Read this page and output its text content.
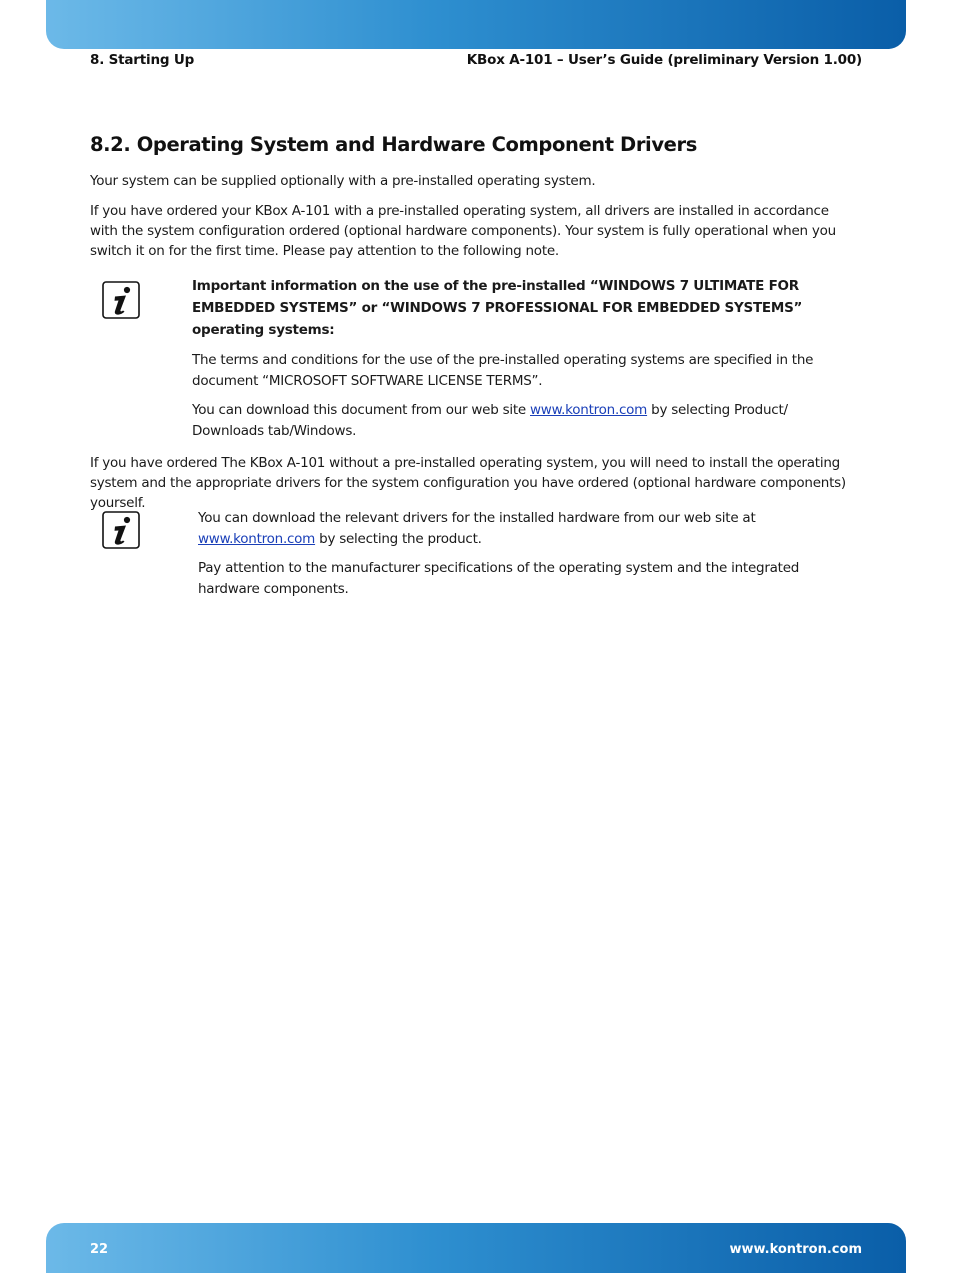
8. Starting Up	KBox A-101 – User’s Guide (preliminary Version 1.00)
8.2. Operating System and Hardware Component Drivers

Your system can be supplied optionally with a pre-installed operating system.

If you have ordered your KBox A-101 with a pre-installed operating system, all drivers are installed in accordance with the system configuration ordered (optional hardware components). Your system is fully operational when you switch it on for the first time. Please pay attention to the following note.

Important information on the use of the pre-installed “WINDOWS 7 ULTIMATE FOR EMBEDDED SYSTEMS” or “WINDOWS 7 PROFESSIONAL FOR EMBEDDED SYSTEMS” operating systems:

The terms and conditions for the use of the pre-installed operating systems are specified in the document “MICROSOFT SOFTWARE LICENSE TERMS”.

You can download this document from our web site www.kontron.com by selecting Product/ Downloads tab/Windows.

If you have ordered The KBox A-101 without a pre-installed operating system, you will need to install the operating system and the appropriate drivers for the system configuration you have ordered (optional hardware components) yourself.

You can download the relevant drivers for the installed hardware from our web site at www.kontron.com by selecting the product.

Pay attention to the manufacturer specifications of the operating system and the integrated hardware components.

22	www.kontron.com
